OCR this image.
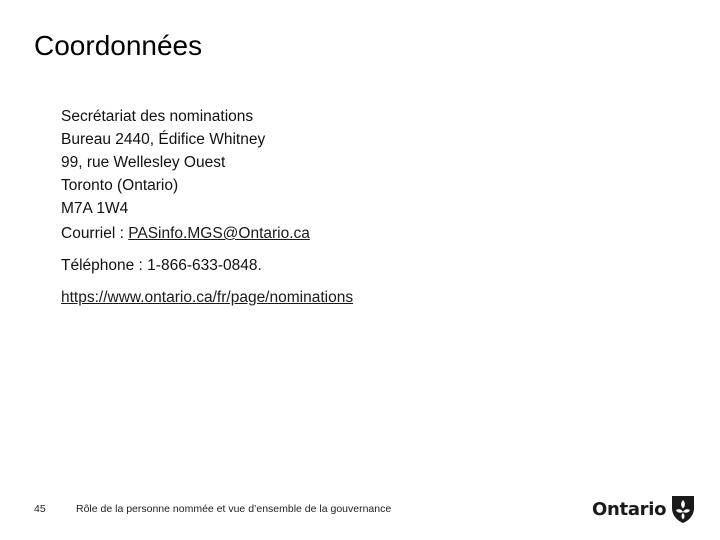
Coordonnées
Secrétariat des nominations
Bureau 2440, Édifice Whitney
99, rue Wellesley Ouest
Toronto (Ontario)
M7A 1W4
Courriel : PASinfo.MGS@Ontario.ca
Téléphone : 1-866-633-0848.
https://www.ontario.ca/fr/page/nominations
45	Rôle de la personne nommée et vue d’ensemble de la gouvernance	Ontario
